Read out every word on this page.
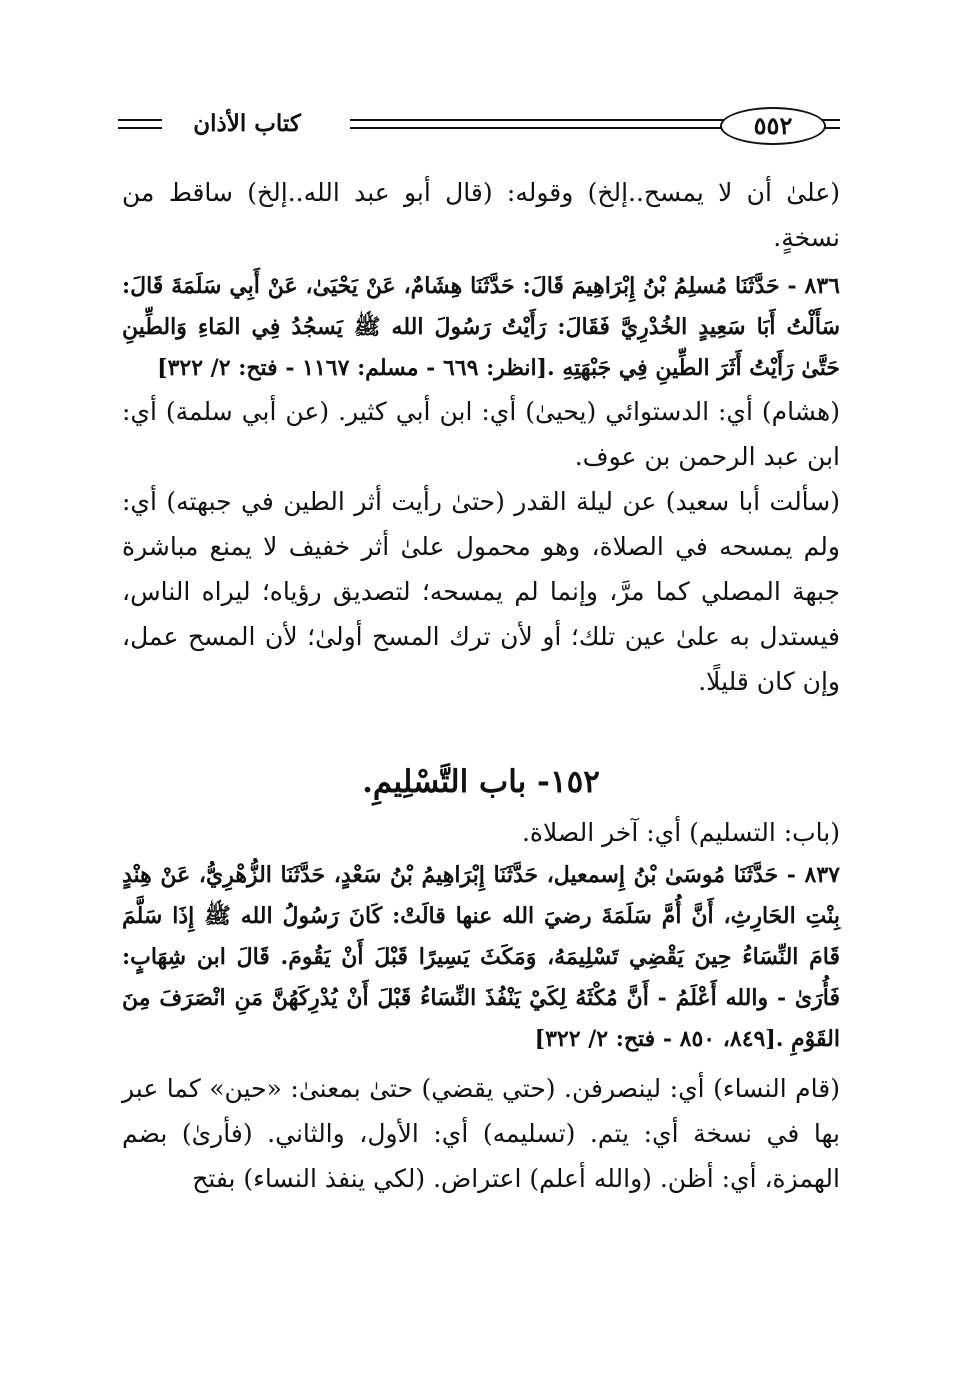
كتاب الأذان	٥٥٢

(علىٰ أن لا يمسح..إلخ) وقوله: (قال أبو عبد الله..إلخ) ساقط من نسخةٍ.

٨٣٦ - حَدَّثَنَا مُسلِمُ بْنُ إِبْرَاهِيمَ قَالَ: حَدَّثَنَا هِشَامٌ، عَنْ يَحْيَىٰ، عَنْ أَبِي سَلَمَةَ قَالَ: سَأَلْتُ أَبَا سَعِيدٍ الخُدْرِيَّ فَقَالَ: رَأَيْتُ رَسُولَ الله ﷺ يَسجُدُ فِي المَاءِ وَالطِّينِ حَتَّىٰ رَأَيْتُ أَثَرَ الطِّينِ فِي جَبْهَتِهِ .[انظر: ٦٦٩ - مسلم: ١١٦٧ - فتح: ٢/ ٣٢٢]

(هشام) أي: الدستوائي (يحيىٰ) أي: ابن أبي كثير. (عن أبي سلمة) أي: ابن عبد الرحمن بن عوف.

(سألت أبا سعيد) عن ليلة القدر (حتىٰ رأيت أثر الطين في جبهته) أي: ولم يمسحه في الصلاة، وهو محمول علىٰ أثر خفيف لا يمنع مباشرة جبهة المصلي كما مرَّ، وإنما لم يمسحه؛ لتصديق رؤياه؛ ليراه الناس، فيستدل به علىٰ عين تلك؛ أو لأن ترك المسح أولىٰ؛ لأن المسح عمل، وإن كان قليلًا.

١٥٢- باب التَّسْلِيمِ.

(باب: التسليم) أي: آخر الصلاة.

٨٣٧ - حَدَّثَنَا مُوسَىٰ بْنُ إِسمعيل، حَدَّثَنَا إِبْرَاهِيمُ بْنُ سَعْدٍ، حَدَّثَنَا الزُّهْرِيُّ، عَنْ هِنْدٍ بِنْتِ الحَارِثِ، أَنَّ أُمَّ سَلَمَةَ رضيَ الله عنها قالَتْ: كَانَ رَسُولُ الله ﷺ إِذَا سَلَّمَ قَامَ النِّسَاءُ حِينَ يَقْضِي تَسْلِيمَهُ، وَمَكَثَ يَسِيرًا قَبْلَ أَنْ يَقُومَ. قَالَ ابن شِهَابٍ: فَأُرَىٰ - والله أَعْلَمُ - أَنَّ مُكْثَهُ لِكَيْ يَنْفُذَ النِّسَاءُ قَبْلَ أَنْ يُدْرِكَهُنَّ مَنِ انْصَرَفَ مِنَ القَوْمِ .[٨٤٩، ٨٥٠ - فتح: ٢/ ٣٢٢]

(قام النساء) أي: لينصرفن. (حتي يقضي) حتىٰ بمعنىٰ: «حين» كما عبر بها في نسخة أي: يتم. (تسليمه) أي: الأول، والثاني. (فأرىٰ) بضم الهمزة، أي: أظن. (والله أعلم) اعتراض. (لكي ينفذ النساء) بفتح
